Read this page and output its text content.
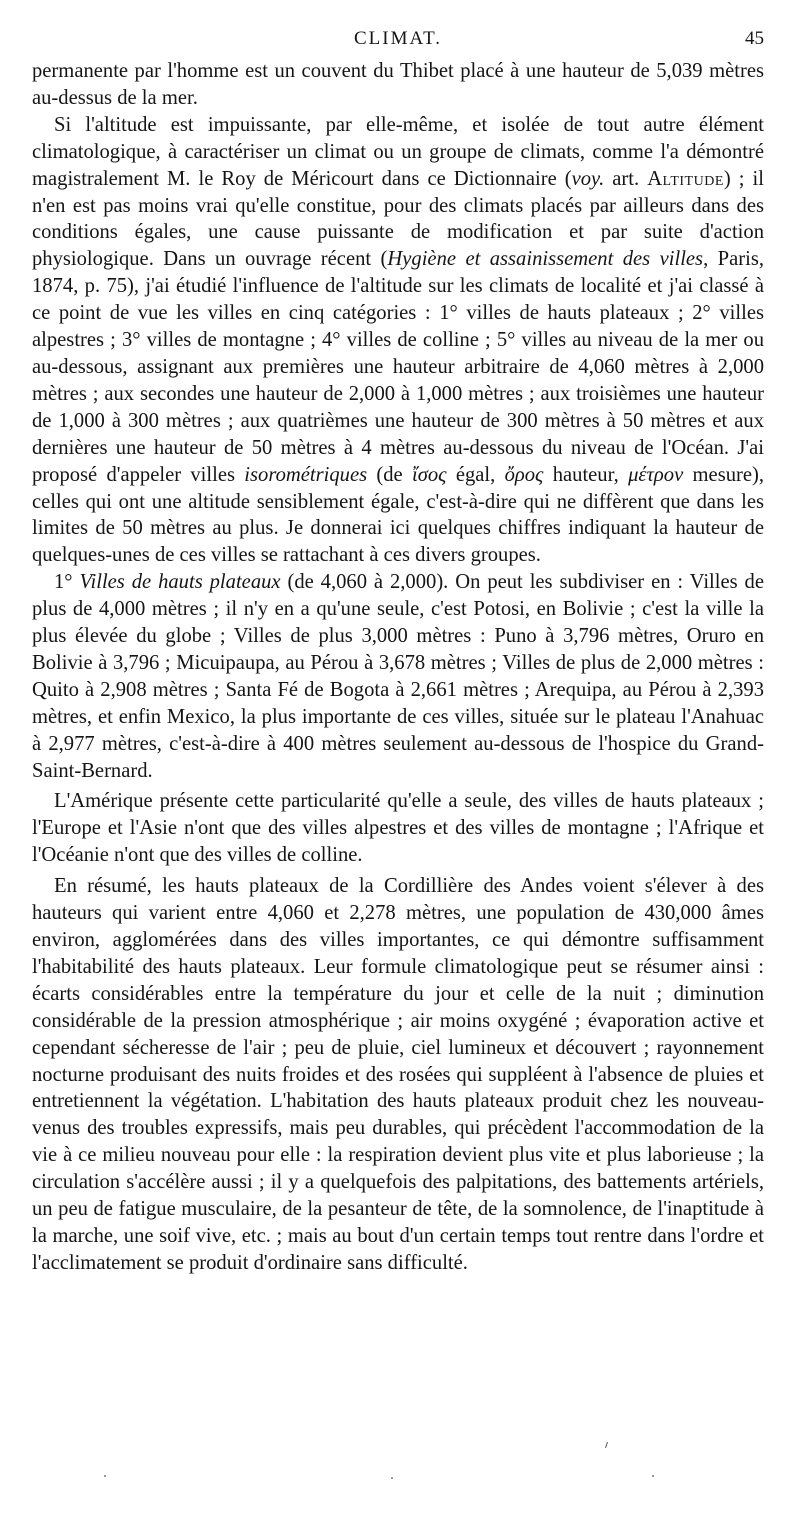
CLIMAT.	45

permanente par l'homme est un couvent du Thibet placé à une hauteur de 5,039 mètres au-dessus de la mer.

Si l'altitude est impuissante, par elle-même, et isolée de tout autre élément climatologique, à caractériser un climat ou un groupe de climats, comme l'a démontré magistralement M. le Roy de Méricourt dans ce Dictionnaire (voy. art. Altitude) ; il n'en est pas moins vrai qu'elle constitue, pour des climats placés par ailleurs dans des conditions égales, une cause puissante de modification et par suite d'action physiologique. Dans un ouvrage récent (Hygiène et assainissement des villes, Paris, 1874, p. 75), j'ai étudié l'influence de l'altitude sur les climats de localité et j'ai classé à ce point de vue les villes en cinq catégories : 1° villes de hauts plateaux ; 2° villes alpestres ; 3° villes de montagne ; 4° villes de colline ; 5° villes au niveau de la mer ou au-dessous, assignant aux premières une hauteur arbitraire de 4,060 mètres à 2,000 mètres ; aux secondes une hauteur de 2,000 à 1,000 mètres ; aux troisièmes une hauteur de 1,000 à 300 mètres ; aux quatrièmes une hauteur de 300 mètres à 50 mètres et aux dernières une hauteur de 50 mètres à 4 mètres au-dessous du niveau de l'Océan. J'ai proposé d'appeler villes isorométriques (de ἴσος égal, ὄρος hauteur, μέτρον mesure), celles qui ont une altitude sensiblement égale, c'est-à-dire qui ne diffèrent que dans les limites de 50 mètres au plus. Je donnerai ici quelques chiffres indiquant la hauteur de quelques-unes de ces villes se rattachant à ces divers groupes.

1° Villes de hauts plateaux (de 4,060 à 2,000). On peut les subdiviser en : Villes de plus de 4,000 mètres ; il n'y en a qu'une seule, c'est Potosi, en Bolivie ; c'est la ville la plus élevée du globe ; Villes de plus 3,000 mètres : Puno à 3,796 mètres, Oruro en Bolivie à 3,796 ; Micuipaupa, au Pérou à 3,678 mètres ; Villes de plus de 2,000 mètres : Quito à 2,908 mètres ; Santa Fé de Bogota à 2,661 mètres ; Arequipa, au Pérou à 2,393 mètres, et enfin Mexico, la plus importante de ces villes, située sur le plateau l'Anahuac à 2,977 mètres, c'est-à-dire à 400 mètres seulement au-dessous de l'hospice du Grand-Saint-Bernard.

L'Amérique présente cette particularité qu'elle a seule, des villes de hauts plateaux ; l'Europe et l'Asie n'ont que des villes alpestres et des villes de montagne ; l'Afrique et l'Océanie n'ont que des villes de colline.

En résumé, les hauts plateaux de la Cordillière des Andes voient s'élever à des hauteurs qui varient entre 4,060 et 2,278 mètres, une population de 430,000 âmes environ, agglomérées dans des villes importantes, ce qui démontre suffisamment l'habitabilité des hauts plateaux. Leur formule climatologique peut se résumer ainsi : écarts considérables entre la température du jour et celle de la nuit ; diminution considérable de la pression atmosphérique ; air moins oxygéné ; évaporation active et cependant sécheresse de l'air ; peu de pluie, ciel lumineux et découvert ; rayonnement nocturne produisant des nuits froides et des rosées qui suppléent à l'absence de pluies et entretiennent la végétation. L'habitation des hauts plateaux produit chez les nouveau-venus des troubles expressifs, mais peu durables, qui précèdent l'accommodation de la vie à ce milieu nouveau pour elle : la respiration devient plus vite et plus laborieuse ; la circulation s'accélère aussi ; il y a quelquefois des palpitations, des battements artériels, un peu de fatigue musculaire, de la pesanteur de tête, de la somnolence, de l'inaptitude à la marche, une soif vive, etc. ; mais au bout d'un certain temps tout rentre dans l'ordre et l'acclimatement se produit d'ordinaire sans difficulté.
